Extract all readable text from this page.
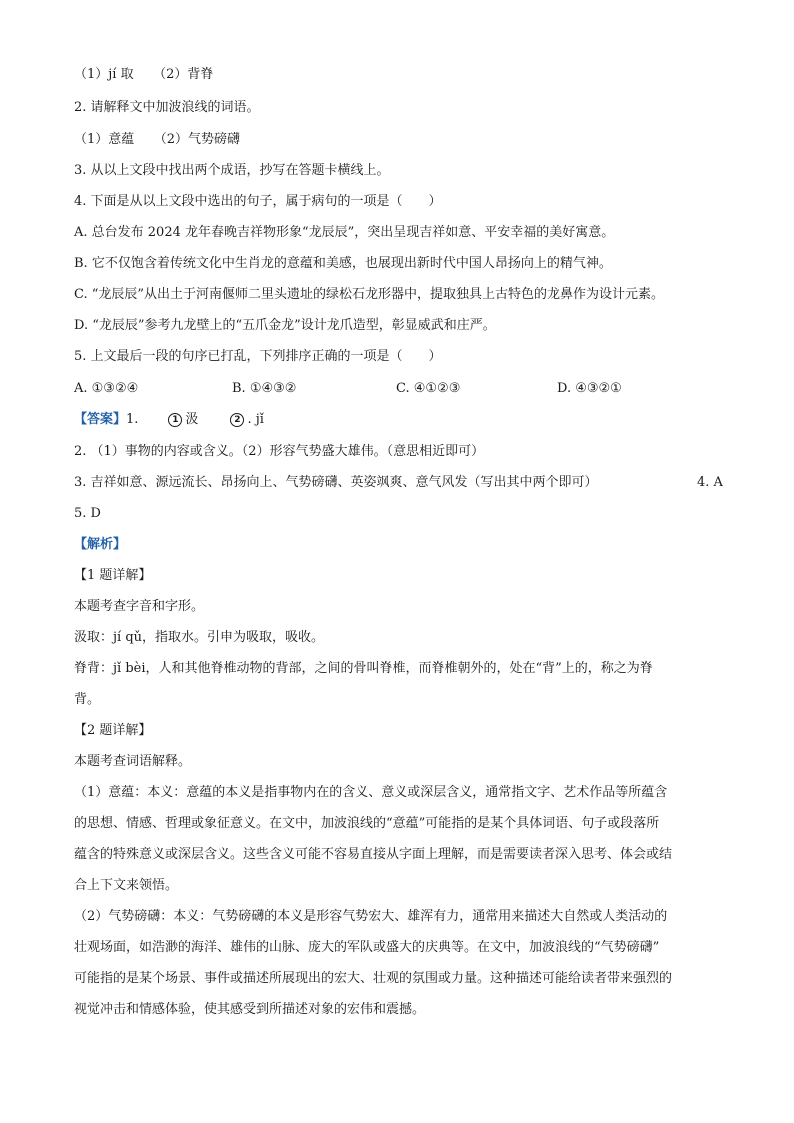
（1）jí 取　　（2）背脊
2. 请解释文中加波浪线的词语。
（1）意蕴　　（2）气势磅礴
3. 从以上文段中找出两个成语，抄写在答题卡横线上。
4. 下面是从以上文段中选出的句子，属于病句的一项是（　　）
A. 总台发布 2024 龙年春晚吉祥物形象“龙辰辰”，突出呈现吉祥如意、平安幸福的美好寓意。
B. 它不仅饱含着传统文化中生肖龙的意蕴和美感，也展现出新时代中国人昂扬向上的精气神。
C. “龙辰辰”从出土于河南偃师二里头遗址的绿松石龙形器中，提取独具上古特色的龙鼻作为设计元素。
D. “龙辰辰”参考九龙壁上的“五爪金龙”设计龙爪造型，彰显威武和庄严。
5. 上文最后一段的句序已打乱，下列排序正确的一项是（　　）
A. ①③②④	B. ①④③②	C. ④①②③	D. ④③②①
【答案】1.	1 汲	2 . jǐ
2. （1）事物的内容或含义。（2）形容气势盛大雄伟。（意思相近即可）
3. 吉祥如意、源远流长、昂扬向上、气势磅礴、英姿飒爽、意气风发（写出其中两个即可）	4. A
5. D
【解析】
【1 题详解】
本题考查字音和字形。
汲取：jí qǔ，指取水。引申为吸取，吸收。
脊背：jǐ bèi，人和其他脊椎动物的背部，之间的骨叫脊椎，而脊椎朝外的，处在“背”上的，称之为脊
背。
【2 题详解】
本题考查词语解释。
（1）意蕴：本义：意蕴的本义是指事物内在的含义、意义或深层含义，通常指文字、艺术作品等所蕴含
的思想、情感、哲理或象征意义。在文中，加波浪线的“意蕴”可能指的是某个具体词语、句子或段落所
蕴含的特殊意义或深层含义。这些含义可能不容易直接从字面上理解，而是需要读者深入思考、体会或结
合上下文来领悟。
（2）气势磅礴：本义：气势磅礴的本义是形容气势宏大、雄浑有力，通常用来描述大自然或人类活动的
壮观场面，如浩渺的海洋、雄伟的山脉、庞大的军队或盛大的庆典等。在文中，加波浪线的“气势磅礴”
可能指的是某个场景、事件或描述所展现出的宏大、壮观的氛围或力量。这种描述可能给读者带来强烈的
视觉冲击和情感体验，使其感受到所描述对象的宏伟和震撼。
